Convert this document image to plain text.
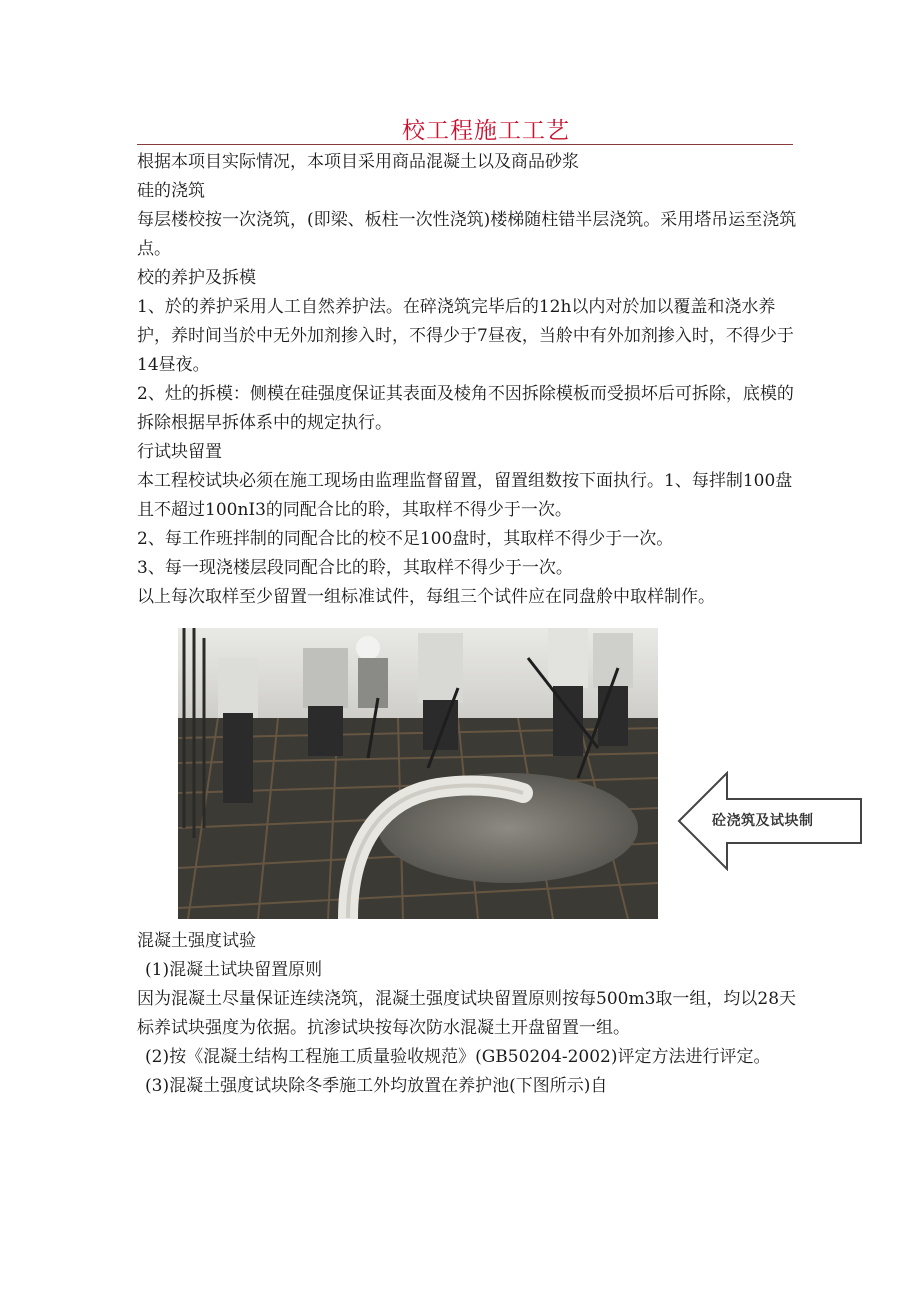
校工程施工工艺

根据本项目实际情况，本项目采用商品混凝土以及商品砂浆

硅的浇筑

每层楼校按一次浇筑，(即梁、板柱一次性浇筑)楼梯随柱错半层浇筑。采用塔吊运至浇筑点。

校的养护及拆模

1、於的养护采用人工自然养护法。在碎浇筑完毕后的12h以内对於加以覆盖和浇水养护，养时间当於中无外加剂掺入时，不得少于7昼夜，当舲中有外加剂掺入时，不得少于14昼夜。

2、灶的拆模：侧模在硅强度保证其表面及棱角不因拆除模板而受损坏后可拆除，底模的拆除根据早拆体系中的规定执行。

行试块留置

本工程校试块必须在施工现场由监理监督留置，留置组数按下面执行。1、每拌制100盘且不超过100nI3的同配合比的聆，其取样不得少于一次。

2、每工作班拌制的同配合比的校不足100盘时，其取样不得少于一次。

3、每一现浇楼层段同配合比的聆，其取样不得少于一次。

以上每次取样至少留置一组标准试件，每组三个试件应在同盘舲中取样制作。

砼浇筑及试块制

混凝土强度试验

(1)混凝土试块留置原则

因为混凝土尽量保证连续浇筑，混凝土强度试块留置原则按每500m3取一组，均以28天标养试块强度为依据。抗渗试块按每次防水混凝土开盘留置一组。

(2)按《混凝土结构工程施工质量验收规范》(GB50204-2002)评定方法进行评定。

(3)混凝土强度试块除冬季施工外均放置在养护池(下图所示)自
